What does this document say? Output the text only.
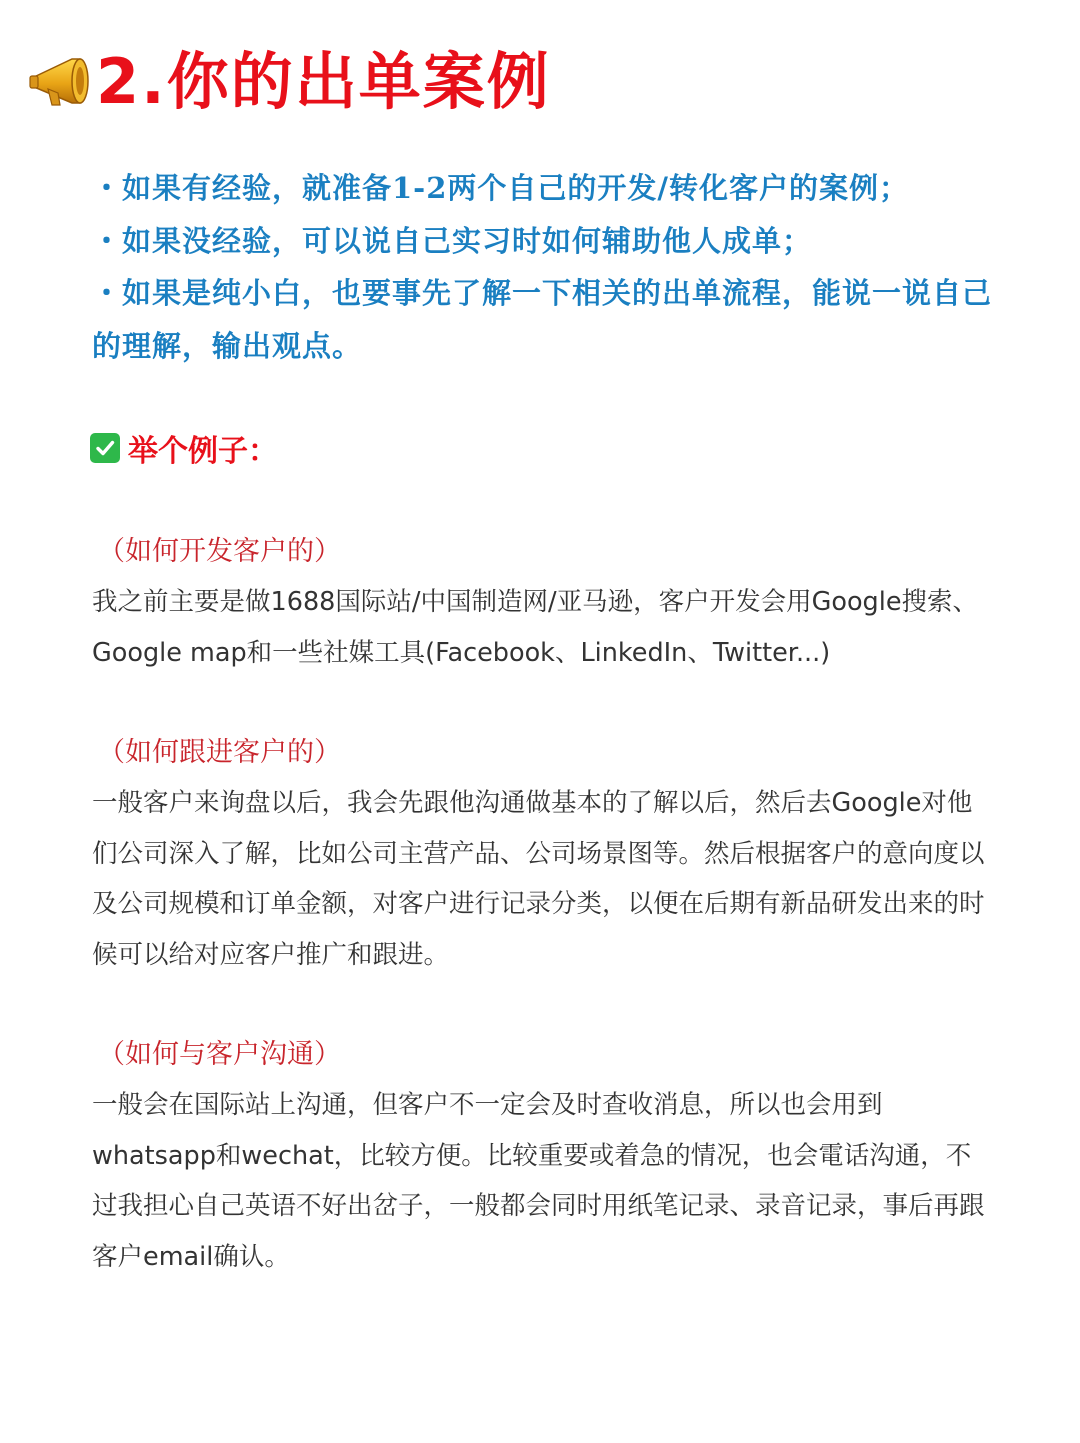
2.你的出单案例
・如果有经验，就准备1-2两个自己的开发/转化客户的案例；
・如果没经验，可以说自己实习时如何辅助他人成单；
・如果是纯小白，也要事先了解一下相关的出单流程，能说一说自己的理解，输出观点。
举个例子：
（如何开发客户的）
我之前主要是做1688国际站/中国制造网/亚马逊，客户开发会用Google搜索、Google map和一些社媒工具(Facebook、LinkedIn、Twitter...)
（如何跟进客户的）
一般客户来询盘以后，我会先跟他沟通做基本的了解以后，然后去Google对他们公司深入了解，比如公司主营产品、公司场景图等。然后根据客户的意向度以及公司规模和订单金额，对客户进行记录分类，以便在后期有新品研发出来的时候可以给对应客户推广和跟进。
（如何与客户沟通）
一般会在国际站上沟通，但客户不一定会及时查收消息，所以也会用到whatsapp和wechat，比较方便。比较重要或着急的情况，也会電话沟通，不过我担心自己英语不好出岔子，一般都会同时用纸笔记录、录音记录，事后再跟客户email确认。
